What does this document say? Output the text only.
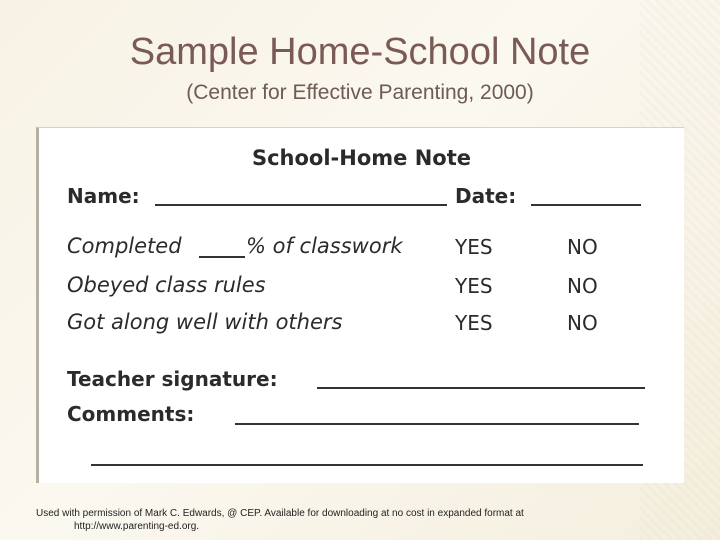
Sample Home-School Note
(Center for Effective Parenting, 2000)
School-Home Note
Name:	Date:
Completed	% of classwork	YES	NO
Obeyed class rules	YES	NO
Got along well with others	YES	NO
Teacher signature:
Comments:
Used with permission of Mark C. Edwards, @ CEP. Available for downloading at no cost in expanded format at
http://www.parenting-ed.org.
